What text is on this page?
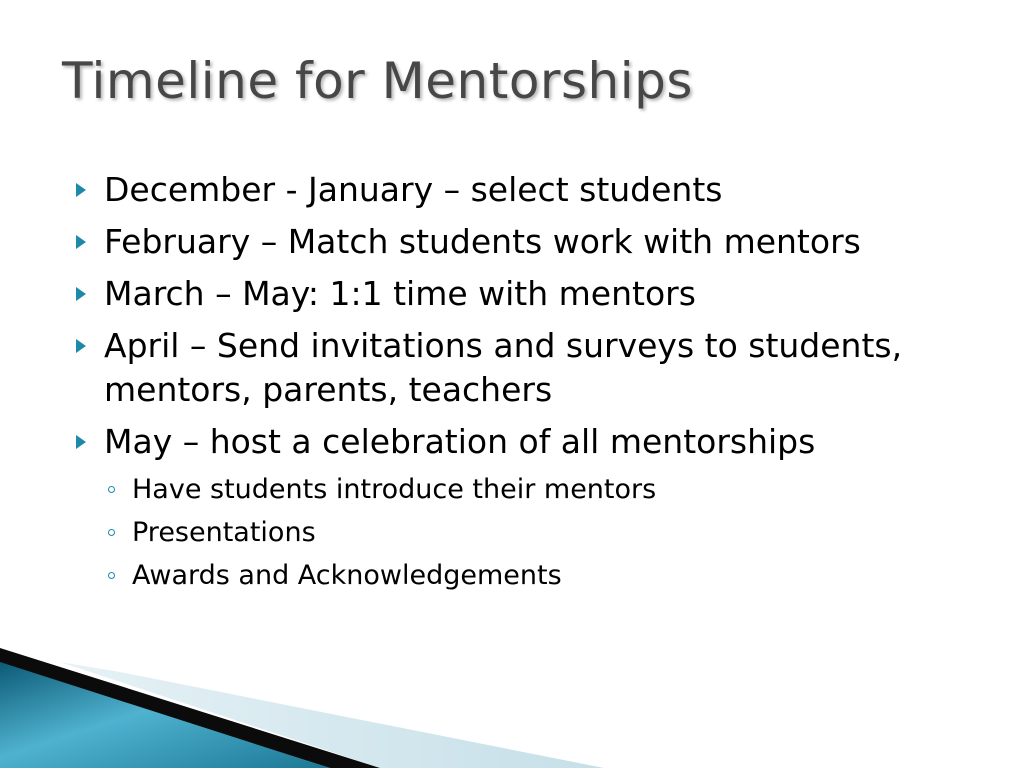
Timeline for Mentorships
December - January – select students
February – Match students work with mentors
March – May: 1:1 time with mentors
April – Send invitations and surveys to students, mentors, parents, teachers
May – host a celebration of all mentorships
Have students introduce their mentors
Presentations
Awards and Acknowledgements
